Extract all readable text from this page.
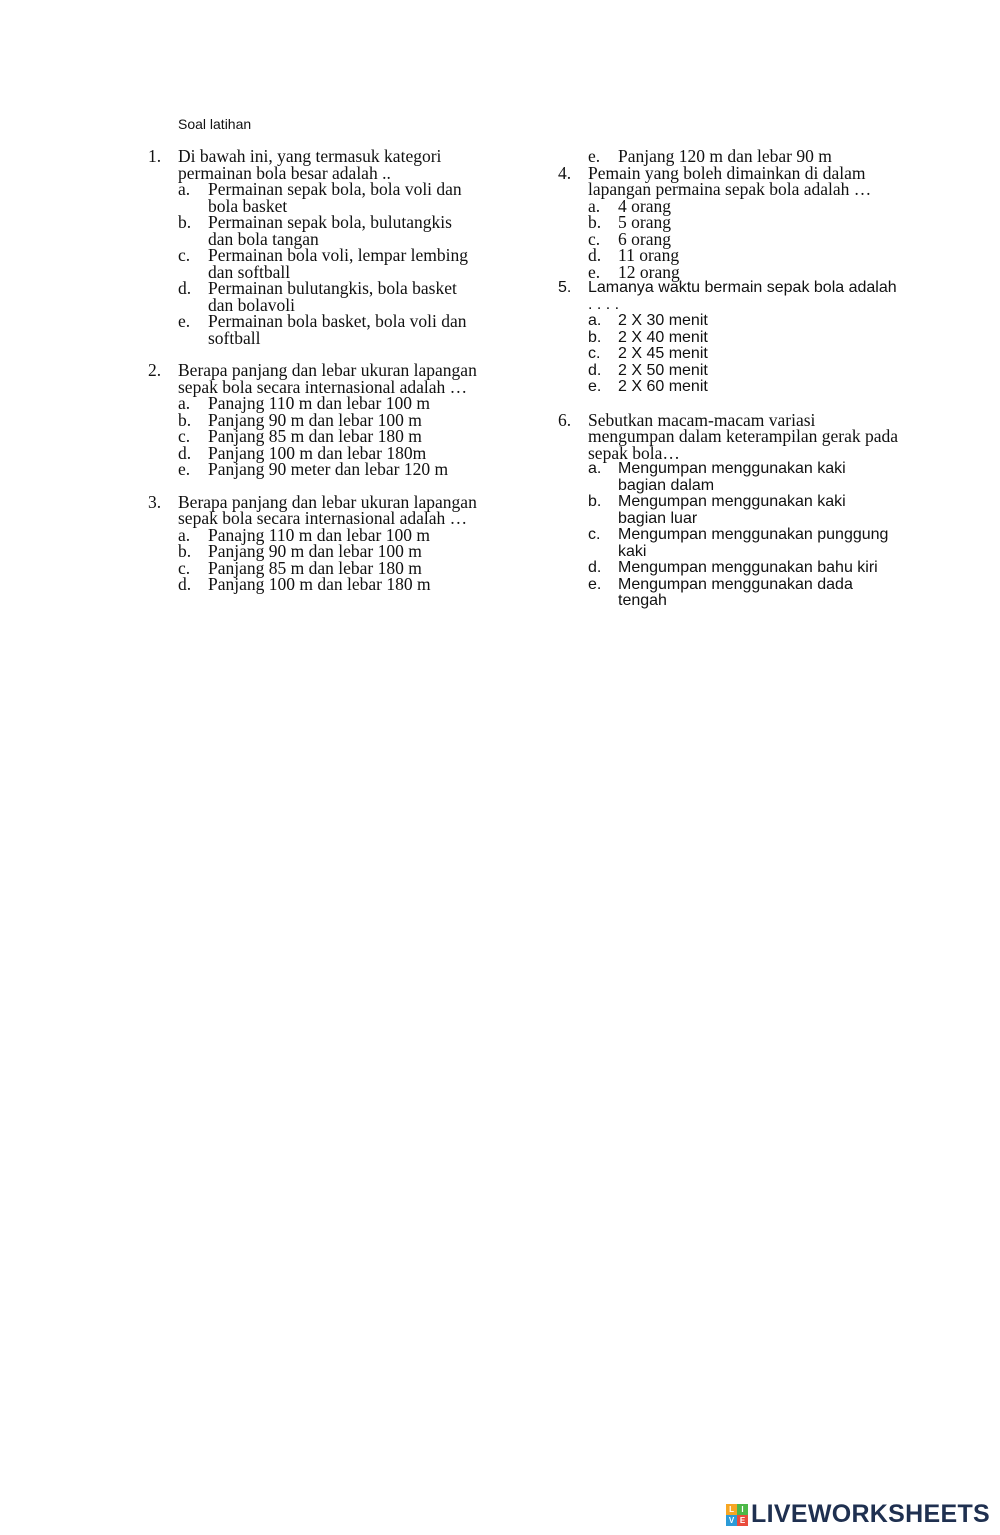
Soal latihan
1. Di bawah ini, yang termasuk kategori permainan bola besar adalah ..
a.	Permainan sepak bola, bola voli dan bola basket
b. Permainan sepak bola, bulutangkis dan bola tangan
c.	Permainan bola voli, lempar lembing dan softball
d. Permainan bulutangkis, bola basket dan bolavoli
e.	Permainan bola basket, bola voli dan softball
2. Berapa panjang dan lebar ukuran lapangan sepak bola secara internasional adalah …
a.	Panajng 110 m dan lebar 100 m
b. Panjang 90 m dan lebar 100 m
c.	Panjang 85 m dan lebar 180 m
d. Panjang 100 m dan lebar 180m
e.	Panjang 90 meter dan lebar 120 m
3. Berapa panjang dan lebar ukuran lapangan sepak bola secara internasional adalah …
a.	Panajng 110 m dan lebar 100 m
b. Panjang 90 m dan lebar 100 m
c.	Panjang 85 m dan lebar 180 m
d. Panjang 100 m dan lebar 180 m
e.	Panjang 120 m dan lebar 90 m
4. Pemain yang boleh dimainkan di dalam lapangan permaina sepak bola adalah …
a.	4 orang
b. 5 orang
c.	6 orang
d. 11 orang
e.	12 orang
5.	Lamanya waktu bermain sepak bola adalah . . . .
a.	2 X 30 menit
b.	2 X 40 menit
c.	2 X 45 menit
d.	2 X 50 menit
e.	2 X 60 menit
6. Sebutkan macam-macam variasi mengumpan dalam keterampilan gerak pada sepak bola…
a.	Mengumpan menggunakan kaki bagian dalam
b.	Mengumpan menggunakan kaki bagian luar
c.	Mengumpan menggunakan punggung kaki
d.	Mengumpan menggunakan bahu kiri
e.	Mengumpan menggunakan dada tengah
L I
V E LIVEWORKSHEETS
